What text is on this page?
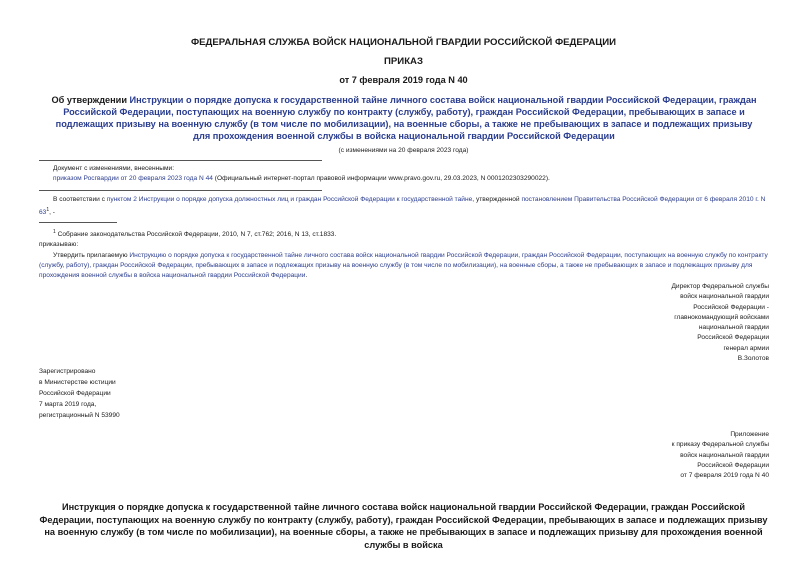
ФЕДЕРАЛЬНАЯ СЛУЖБА ВОЙСК НАЦИОНАЛЬНОЙ ГВАРДИИ РОССИЙСКОЙ ФЕДЕРАЦИИ
ПРИКАЗ
от 7 февраля 2019 года N 40
Об утверждении Инструкции о порядке допуска к государственной тайне личного состава войск национальной гвардии Российской Федерации, граждан Российской Федерации, поступающих на военную службу по контракту (службу, работу), граждан Российской Федерации, пребывающих в запасе и подлежащих призыву на военную службу (в том числе по мобилизации), на военные сборы, а также не пребывающих в запасе и подлежащих призыву для прохождения военной службы в войска национальной гвардии Российской Федерации
(с изменениями на 20 февраля 2023 года)
Документ с изменениями, внесенными:
приказом Росгвардии от 20 февраля 2023 года N 44 (Официальный интернет-портал правовой информации www.pravo.gov.ru, 29.03.2023, N 0001202303290022).
В соответствии с пунктом 2 Инструкции о порядке допуска должностных лиц и граждан Российской Федерации к государственной тайне, утвержденной постановлением Правительства Российской Федерации от 6 февраля 2010 г. N $63^1$, -
$^1$ Собрание законодательства Российской Федерации, 2010, N 7, ст.762; 2016, N 13, ст.1833.
приказываю:
Утвердить прилагаемую Инструкцию о порядке допуска к государственной тайне личного состава войск национальной гвардии Российской Федерации, граждан Российской Федерации, поступающих на военную службу по контракту (службу, работу), граждан Российской Федерации, пребывающих в запасе и подлежащих призыву на военную службу (в том числе по мобилизации), на военные сборы, а также не пребывающих в запасе и подлежащих призыву для прохождения военной службы в войска национальной гвардии Российской Федерации.
Директор Федеральной службы
войск национальной гвардии
Российской Федерации -
главнокомандующий войсками
национальной гвардии
Российской Федерации
генерал армии
В.Золотов
Зарегистрировано
в Министерстве юстиции
Российской Федерации
7 марта 2019 года,
регистрационный N 53990
Приложение
к приказу Федеральной службы
войск национальной гвардии
Российской Федерации
от 7 февраля 2019 года N 40
Инструкция о порядке допуска к государственной тайне личного состава войск национальной гвардии Российской Федерации, граждан Российской Федерации, поступающих на военную службу по контракту (службу, работу), граждан Российской Федерации, пребывающих в запасе и подлежащих призыву на военную службу (в том числе по мобилизации), на военные сборы, а также не пребывающих в запасе и подлежащих призыву для прохождения военной службы в войска
